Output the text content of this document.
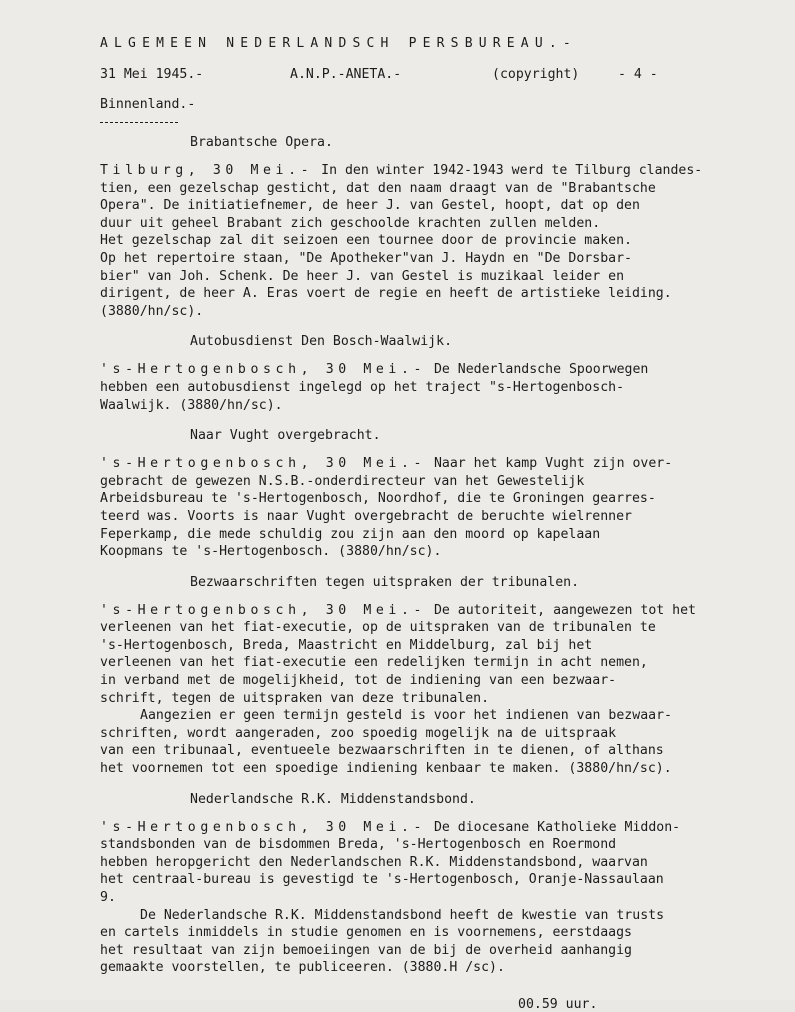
ALGEMEEN NEDERLANDSCH PERSBUREAU.-

31 Mei 1945.-	A.N.P.-ANETA.-	(copyright)	- 4 -
Binnenland.-

Brabantsche Opera.

Tilburg, 30 Mei.- In den winter 1942-1943 werd te Tilburg clandes-

tien, een gezelschap gesticht, dat den naam draagt van de "Brabantsche

Opera". De initiatiefnemer, de heer J. van Gestel, hoopt, dat op den

duur uit geheel Brabant zich geschoolde krachten zullen melden.

Het gezelschap zal dit seizoen een tournee door de provincie maken.

Op het repertoire staan, "De Apotheker"van J. Haydn en "De Dorsbar-

bier" van Joh. Schenk. De heer J. van Gestel is muzikaal leider en

dirigent, de heer A. Eras voert de regie en heeft de artistieke leiding.

(3880/hn/sc).

Autobusdienst Den Bosch-Waalwijk.

's-Hertogenbosch, 30 Mei.- De Nederlandsche Spoorwegen

hebben een autobusdienst ingelegd op het traject "s-Hertogenbosch-

Waalwijk. (3880/hn/sc).

Naar Vught overgebracht.

's-Hertogenbosch, 30 Mei.- Naar het kamp Vught zijn over-

gebracht de gewezen N.S.B.-onderdirecteur van het Gewestelijk

Arbeidsbureau te 's-Hertogenbosch, Noordhof, die te Groningen gearres-

teerd was. Voorts is naar Vught overgebracht de beruchte wielrenner

Feperkamp, die mede schuldig zou zijn aan den moord op kapelaan

Koopmans te 's-Hertogenbosch. (3880/hn/sc).

Bezwaarschriften tegen uitspraken der tribunalen.

's-Hertogenbosch, 30 Mei.- De autoriteit, aangewezen tot het

verleenen van het fiat-executie, op de uitspraken van de tribunalen te

's-Hertogenbosch, Breda, Maastricht en Middelburg, zal bij het

verleenen van het fiat-executie een redelijken termijn in acht nemen,

in verband met de mogelijkheid, tot de indiening van een bezwaar-

schrift, tegen de uitspraken van deze tribunalen.

Aangezien er geen termijn gesteld is voor het indienen van bezwaar-

schriften, wordt aangeraden, zoo spoedig mogelijk na de uitspraak

van een tribunaal, eventueele bezwaarschriften in te dienen, of althans

het voornemen tot een spoedige indiening kenbaar te maken. (3880/hn/sc).

Nederlandsche R.K. Middenstandsbond.

's-Hertogenbosch, 30 Mei.- De diocesane Katholieke Middon-

standsbonden van de bisdommen Breda, 's-Hertogenbosch en Roermond

hebben heropgericht den Nederlandschen R.K. Middenstandsbond, waarvan

het centraal-bureau is gevestigd te 's-Hertogenbosch, Oranje-Nassaulaan

9.

De Nederlandsche R.K. Middenstandsbond heeft de kwestie van trusts

en cartels inmiddels in studie genomen en is voornemens, eerstdaags

het resultaat van zijn bemoeiingen van de bij de overheid aanhangig

gemaakte voorstellen, te publiceeren. (3880.H /sc).

00.59 uur.
